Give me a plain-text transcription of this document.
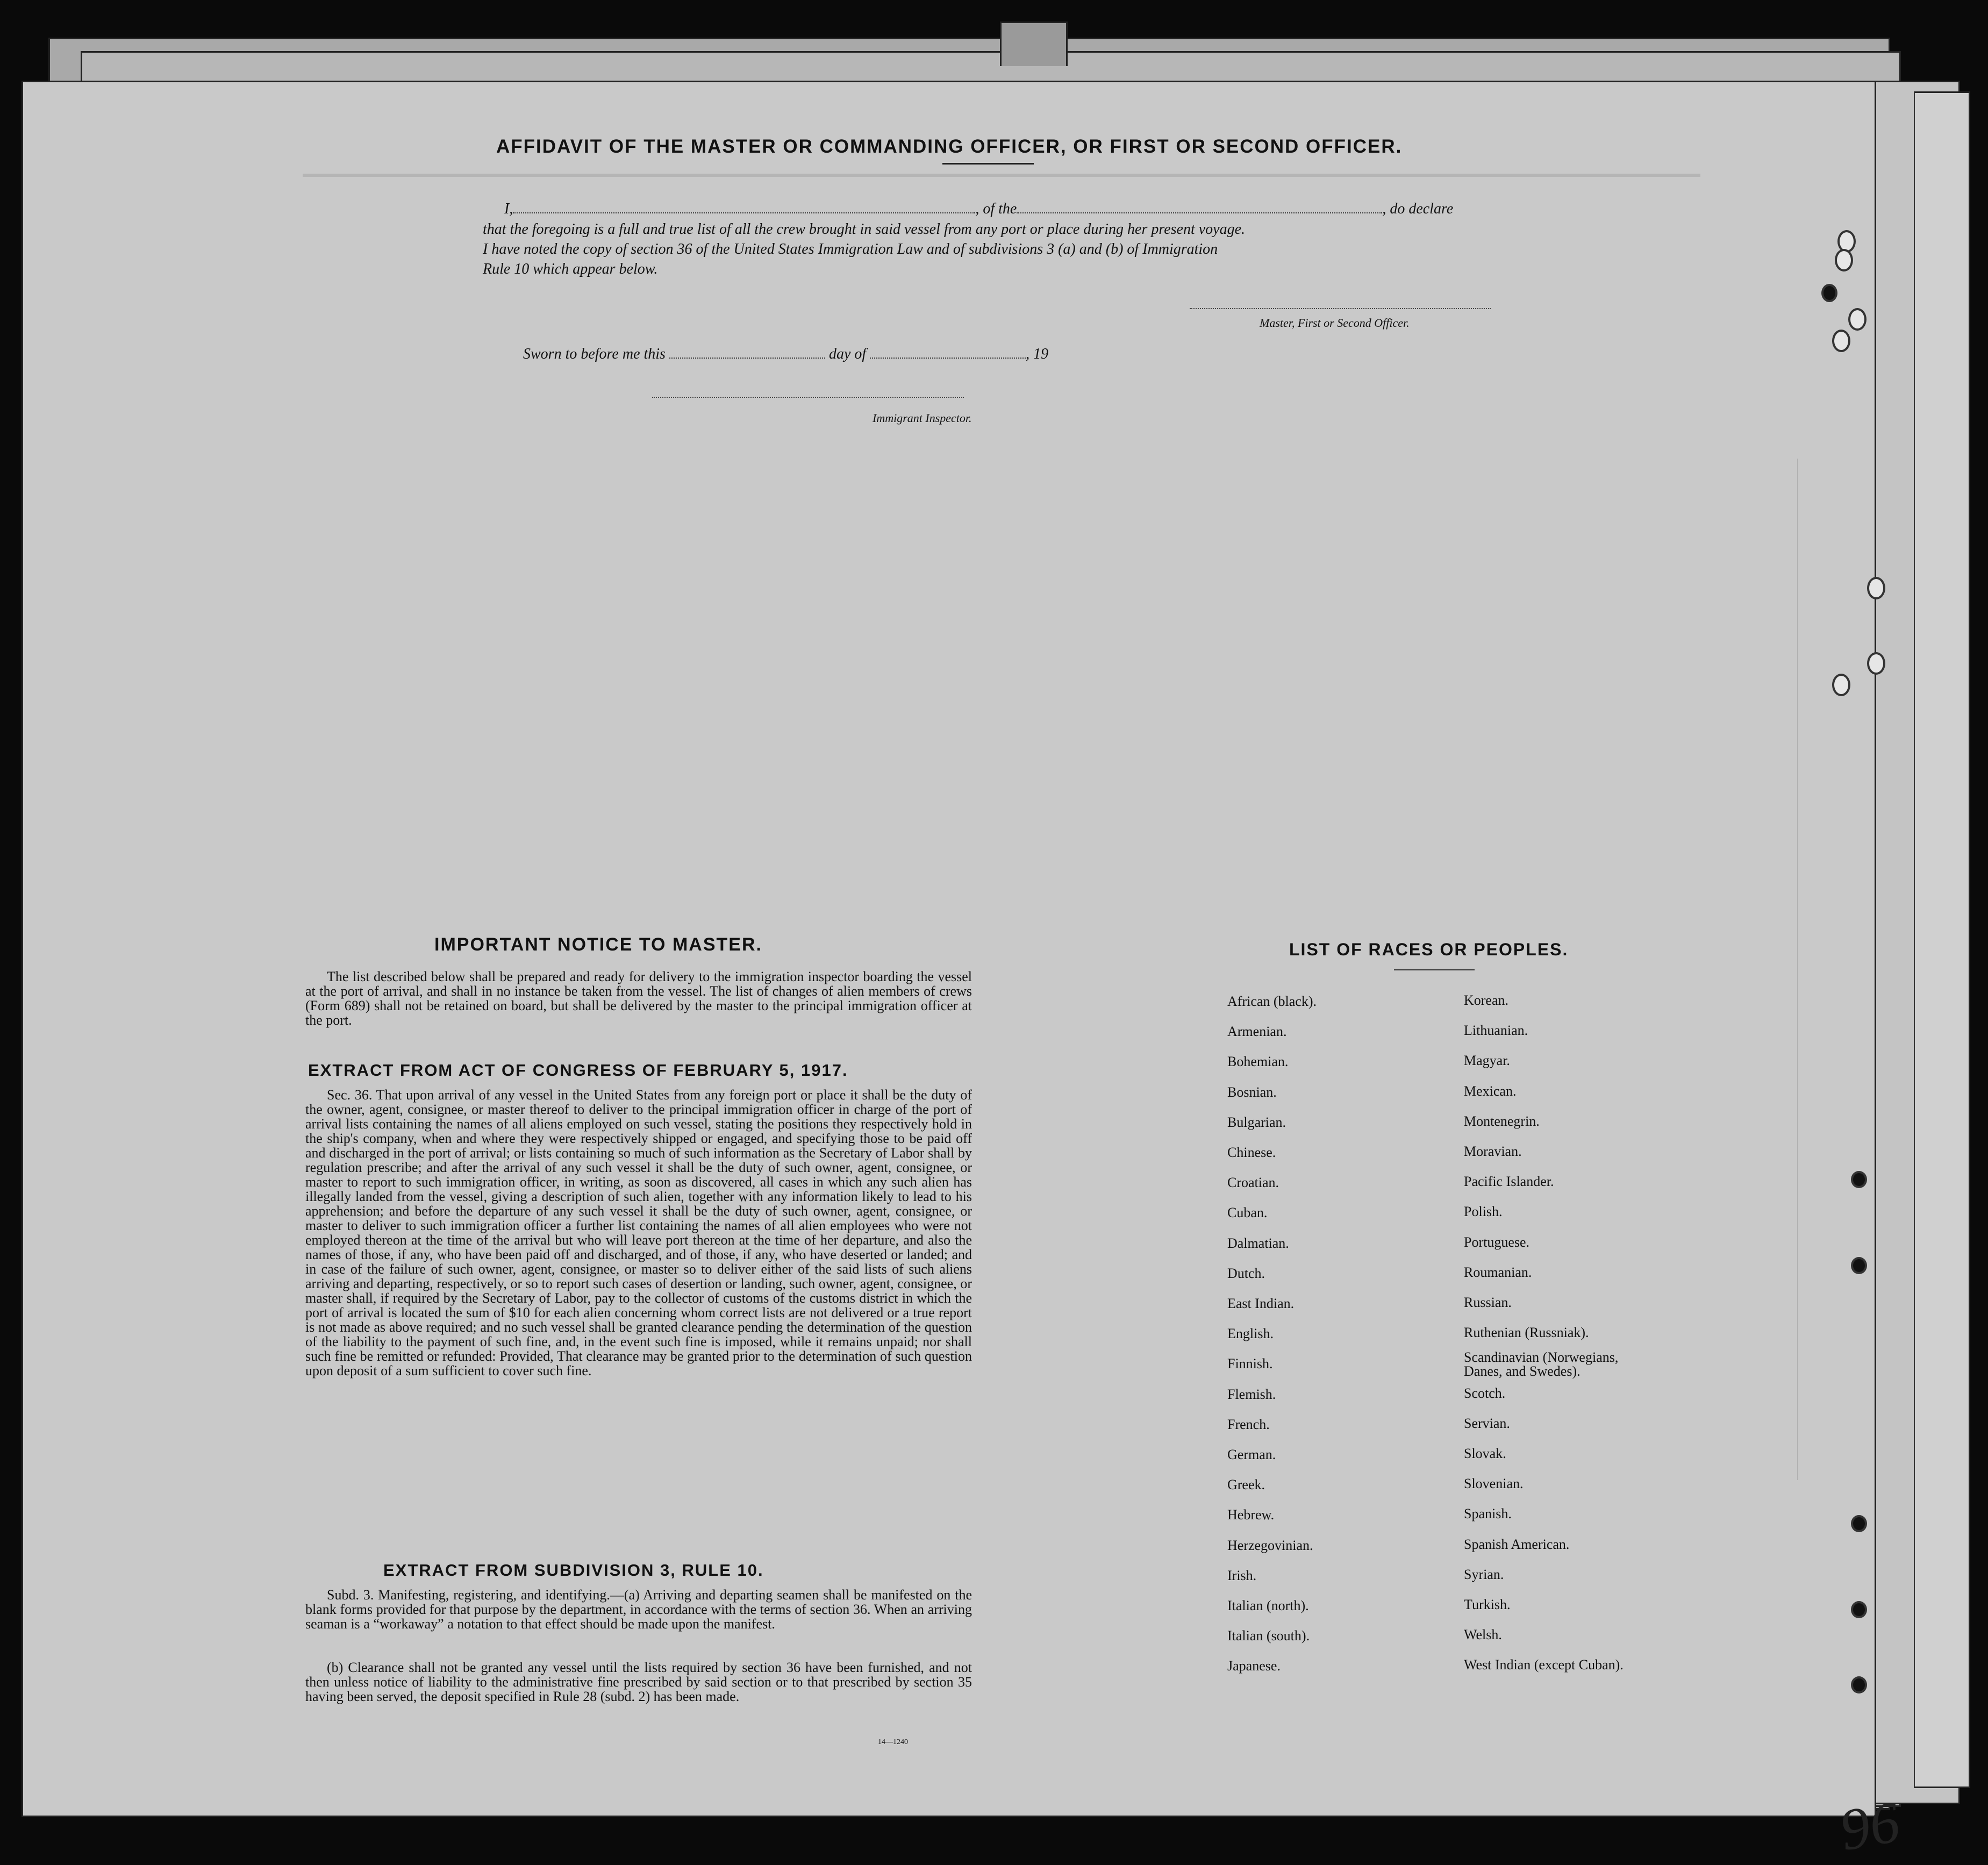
AFFIDAVIT OF THE MASTER OR COMMANDING OFFICER, OR FIRST OR SECOND OFFICER.
I,	, of the	, do declare
that the foregoing is a full and true list of all the crew brought in said vessel from any port or place during her present voyage.
I have noted the copy of section 36 of the United States Immigration Law and of subdivisions 3 (a) and (b) of Immigration
Rule 10 which appear below.
Master, First or Second Officer.
Sworn to before me this	day of	, 19
Immigrant Inspector.
IMPORTANT NOTICE TO MASTER.
The list described below shall be prepared and ready for delivery to the immigration inspector boarding the vessel at the port of arrival, and shall in no instance be taken from the vessel. The list of changes of alien members of crews (Form 689) shall not be retained on board, but shall be delivered by the master to the principal immigration officer at the port.
EXTRACT FROM ACT OF CONGRESS OF FEBRUARY 5, 1917.
Sec. 36. That upon arrival of any vessel in the United States from any foreign port or place it shall be the duty of the owner, agent, consignee, or master thereof to deliver to the principal immigration officer in charge of the port of arrival lists containing the names of all aliens employed on such vessel, stating the positions they respectively hold in the ship's company, when and where they were respectively shipped or engaged, and specifying those to be paid off and discharged in the port of arrival; or lists containing so much of such information as the Secretary of Labor shall by regulation prescribe; and after the arrival of any such vessel it shall be the duty of such owner, agent, consignee, or master to report to such immigration officer, in writing, as soon as discovered, all cases in which any such alien has illegally landed from the vessel, giving a description of such alien, together with any information likely to lead to his apprehension; and before the departure of any such vessel it shall be the duty of such owner, agent, consignee, or master to deliver to such immigration officer a further list containing the names of all alien employees who were not employed thereon at the time of the arrival but who will leave port thereon at the time of her departure, and also the names of those, if any, who have been paid off and discharged, and of those, if any, who have deserted or landed; and in case of the failure of such owner, agent, consignee, or master so to deliver either of the said lists of such aliens arriving and departing, respectively, or so to report such cases of desertion or landing, such owner, agent, consignee, or master shall, if required by the Secretary of Labor, pay to the collector of customs of the customs district in which the port of arrival is located the sum of $10 for each alien concerning whom correct lists are not delivered or a true report is not made as above required; and no such vessel shall be granted clearance pending the determination of the question of the liability to the payment of such fine, and, in the event such fine is imposed, while it remains unpaid; nor shall such fine be remitted or refunded: Provided, That clearance may be granted prior to the determination of such question upon deposit of a sum sufficient to cover such fine.
EXTRACT FROM SUBDIVISION 3, RULE 10.
Subd. 3. Manifesting, registering, and identifying.—(a) Arriving and departing seamen shall be manifested on the blank forms provided for that purpose by the department, in accordance with the terms of section 36. When an arriving seaman is a “workaway” a notation to that effect should be made upon the manifest.
(b) Clearance shall not be granted any vessel until the lists required by section 36 have been furnished, and not then unless notice of liability to the administrative fine prescribed by said section or to that prescribed by section 35 having been served, the deposit specified in Rule 28 (subd. 2) has been made.
14—1240
LIST OF RACES OR PEOPLES.
African (black).
Armenian.
Bohemian.
Bosnian.
Bulgarian.
Chinese.
Croatian.
Cuban.
Dalmatian.
Dutch.
East Indian.
English.
Finnish.
Flemish.
French.
German.
Greek.
Hebrew.
Herzegovinian.
Irish.
Italian (north).
Italian (south).
Japanese.
Korean.
Lithuanian.
Magyar.
Mexican.
Montenegrin.
Moravian.
Pacific Islander.
Polish.
Portuguese.
Roumanian.
Russian.
Ruthenian (Russniak).
Scandinavian (Norwegians,
Danes, and Swedes).
Scotch.
Servian.
Slovak.
Slovenian.
Spanish.
Spanish American.
Syrian.
Turkish.
Welsh.
West Indian (except Cuban).
96
